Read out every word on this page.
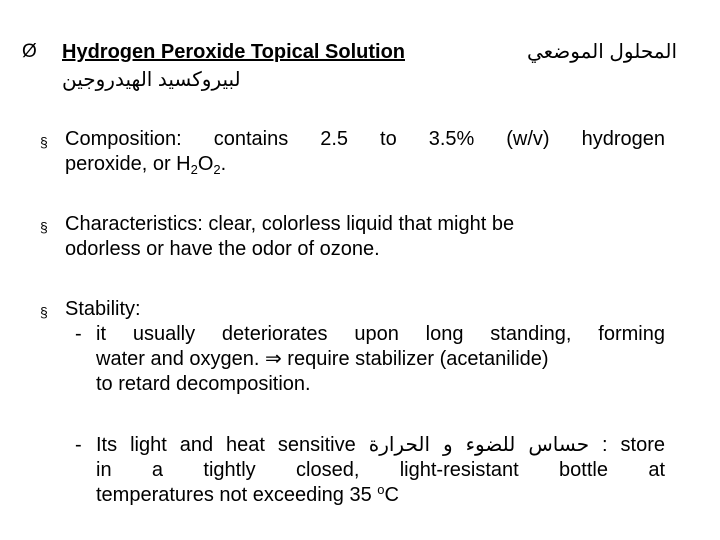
Ø Hydrogen Peroxide Topical Solution	المحلول الموضعي
لبيروكسيد الهيدروجين
§ Composition: contains 2.5 to 3.5% (w/v) hydrogen
peroxide, or $H_2O_2$.
§ Characteristics: clear, colorless liquid that might be
odorless or have the odor of ozone.
§ Stability:
- it usually deteriorates upon long standing, forming
water and oxygen. ⇒ require stabilizer (acetanilide)
to retard decomposition.
- Its light and heat sensitive حساس للضوء و الحرارة : store
in a tightly closed, light-resistant bottle at
temperatures not exceeding 35 $^o$C
